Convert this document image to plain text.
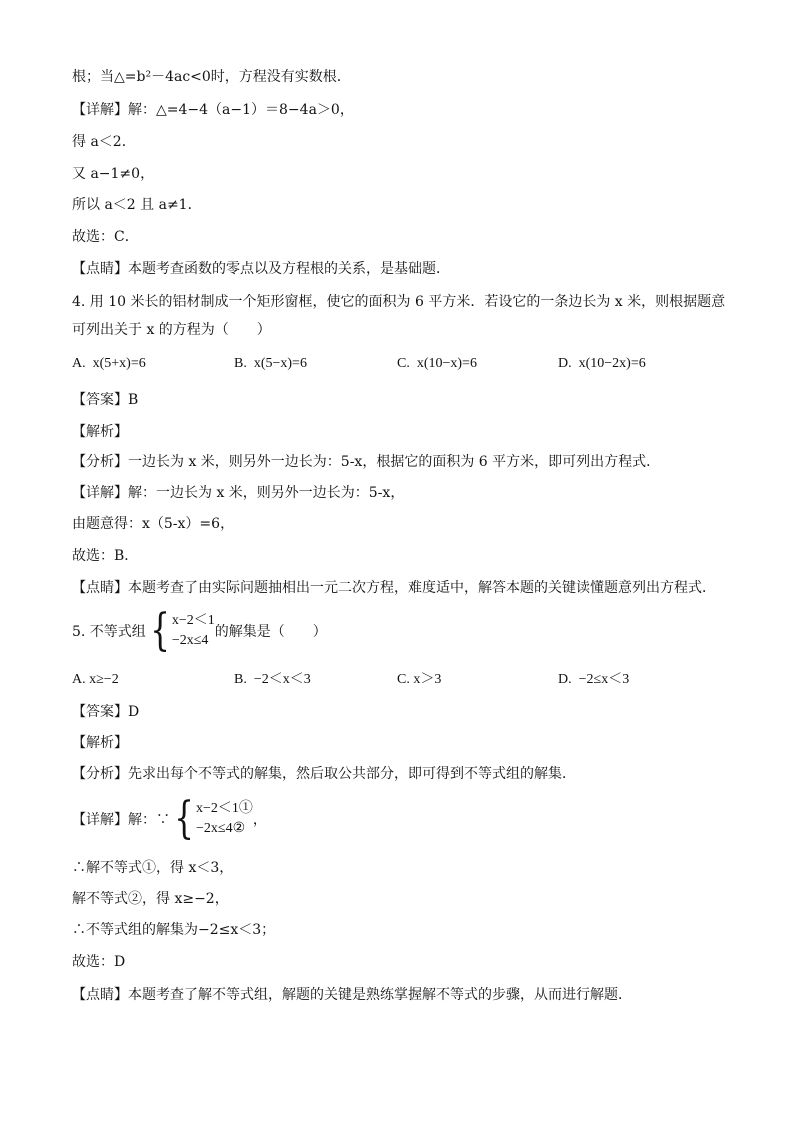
根；当△=b²－4ac<0时，方程没有实数根．
【详解】解：△=4−4（a−1）＝8−4a＞0，
得 a＜2．
又 a−1≠0，
所以 a＜2 且 a≠1．
故选：C．
【点睛】本题考查函数的零点以及方程根的关系，是基础题．
4. 用 10 米长的铝材制成一个矩形窗框，使它的面积为 6 平方米．若设它的一条边长为 x 米，则根据题意
可列出关于 x 的方程为（　　）
A.  x(5+x)=6	B.  x(5−x)=6	C.  x(10−x)=6	D.  x(10−2x)=6
【答案】B
【解析】
【分析】一边长为 x 米，则另外一边长为：5-x，根据它的面积为 6 平方米，即可列出方程式．
【详解】解：一边长为 x 米，则另外一边长为：5-x，
由题意得：x（5-x）=6，
故选：B．
【点睛】本题考查了由实际问题抽相出一元二次方程，难度适中，解答本题的关键读懂题意列出方程式．
5. 不等式组 { x−2＜1
−2x≤4
的解集是（　　）
A. x≥−2	B.  −2＜x＜3	C. x＞3	D.  −2≤x＜3
【答案】D
【解析】
【分析】先求出每个不等式的解集，然后取公共部分，即可得到不等式组的解集．
【详解】解：∵ { x−2＜1①
−2x≤4②
，
∴解不等式①，得 x＜3，
解不等式②，得 x≥−2，
∴不等式组的解集为−2≤x＜3；
故选：D
【点睛】本题考查了解不等式组，解题的关键是熟练掌握解不等式的步骤，从而进行解题．
